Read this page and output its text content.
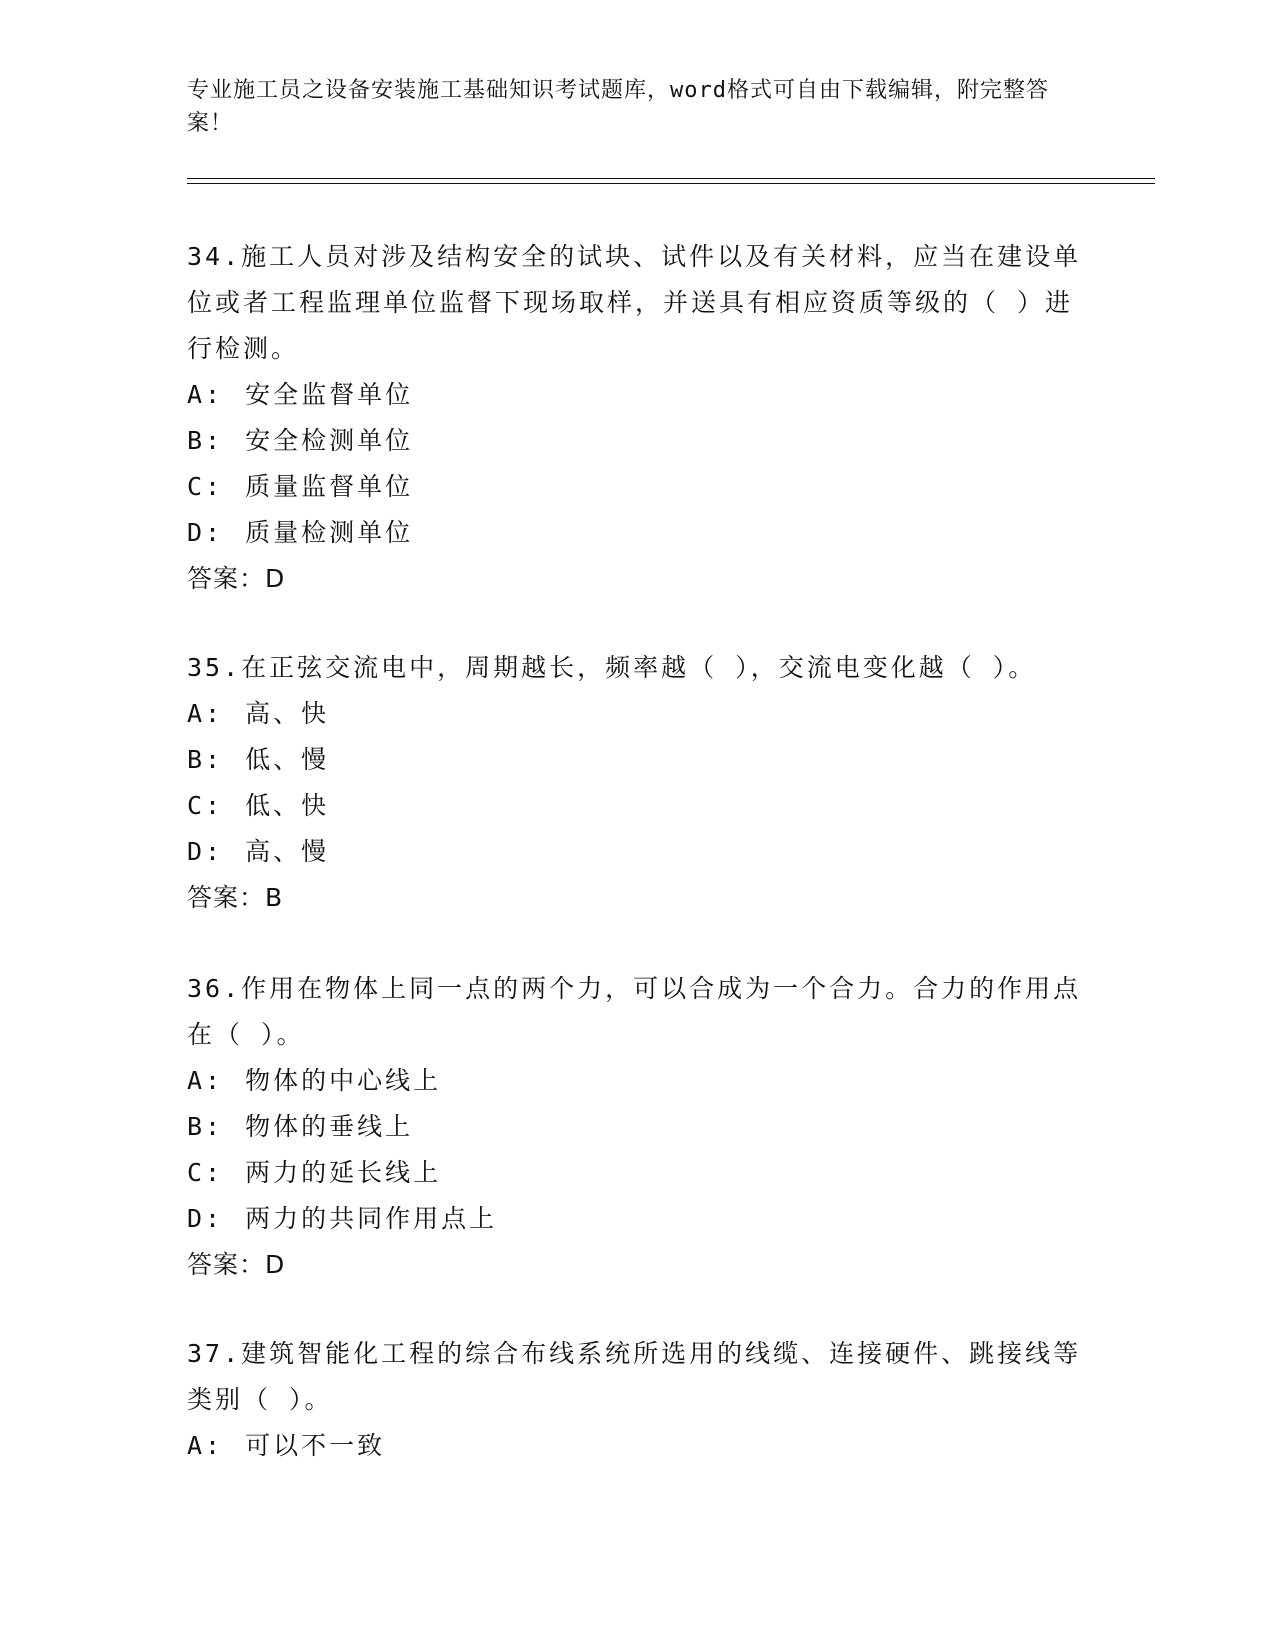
专业施工员之设备安装施工基础知识考试题库，word格式可自由下载编辑，附完整答案！

34.施工人员对涉及结构安全的试块、试件以及有关材料，应当在建设单位或者工程监理单位监督下现场取样，并送具有相应资质等级的（ ）进行检测。

A: 安全监督单位

B: 安全检测单位

C: 质量监督单位

D: 质量检测单位

答案：D

35.在正弦交流电中，周期越长，频率越（ ），交流电变化越（ ）。

A: 高、快

B: 低、慢

C: 低、快

D: 高、慢

答案：B

36.作用在物体上同一点的两个力，可以合成为一个合力。合力的作用点在（ ）。

A: 物体的中心线上

B: 物体的垂线上

C: 两力的延长线上

D: 两力的共同作用点上

答案：D

37.建筑智能化工程的综合布线系统所选用的线缆、连接硬件、跳接线等类别（ ）。

A: 可以不一致
